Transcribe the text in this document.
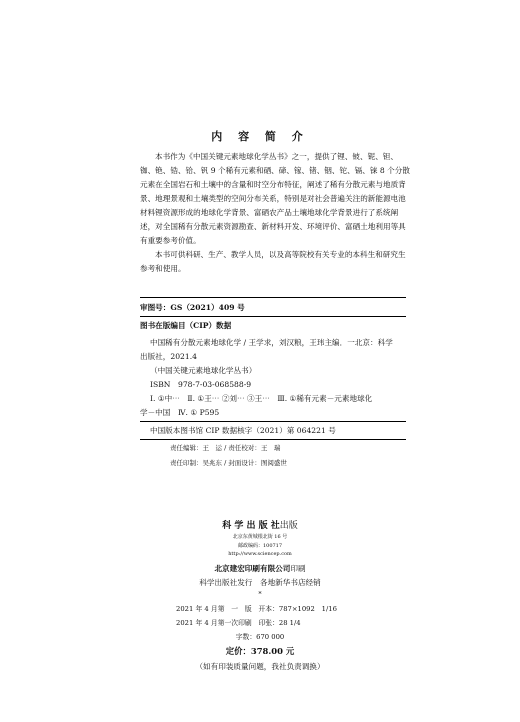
内 容 简 介

本书作为《中国关键元素地球化学丛书》之一，提供了锂、铍、铌、钽、铷、铯、锆、铪、钒 9 个稀有元素和硒、碲、镓、锗、铟、铊、镉、铼 8 个分散元素在全国岩石和土壤中的含量和时空分布特征，阐述了稀有分散元素与地质背景、地理景观和土壤类型的空间分布关系，特别是对社会普遍关注的新能源电池材料锂资源形成的地球化学背景、富硒农产品土壤地球化学背景进行了系统阐述，对全国稀有分散元素资源勘查、新材料开发、环境评价、富硒土地利用等具有重要参考价值。

本书可供科研、生产、教学人员，以及高等院校有关专业的本科生和研究生参考和使用。

审图号：GS（2021）409 号
图书在版编目（CIP）数据
中国稀有分散元素地球化学 / 王学求，刘汉粮，王玮主编．一北京：科学
出版社，2021.4
（中国关键元素地球化学丛书）
ISBN　978-7-03-068588-9
Ⅰ. ①中⋯　Ⅱ. ①王⋯ ②刘⋯ ③王⋯　Ⅲ. ①稀有元素－元素地球化
学－中国　Ⅳ. ① P595
中国版本图书馆 CIP 数据核字（2021）第 064221 号
责任编辑：王　运 / 责任校对：王　瑞
责任印制：吴兆东 / 封面设计：图阅盛世
科 学 出 版 社出版
北京东黄城根北街 16 号
邮政编码：100717
http://www.sciencep.com
北京建宏印刷有限公司印刷
科学出版社发行　各地新华书店经销
*
2021 年 4 月第　一　版　开本：787×1092　1/16
2021 年 4 月第一次印刷　印张：28 1/4
字数：670 000
定价：378.00 元
（如有印装质量问题，我社负责调换）
